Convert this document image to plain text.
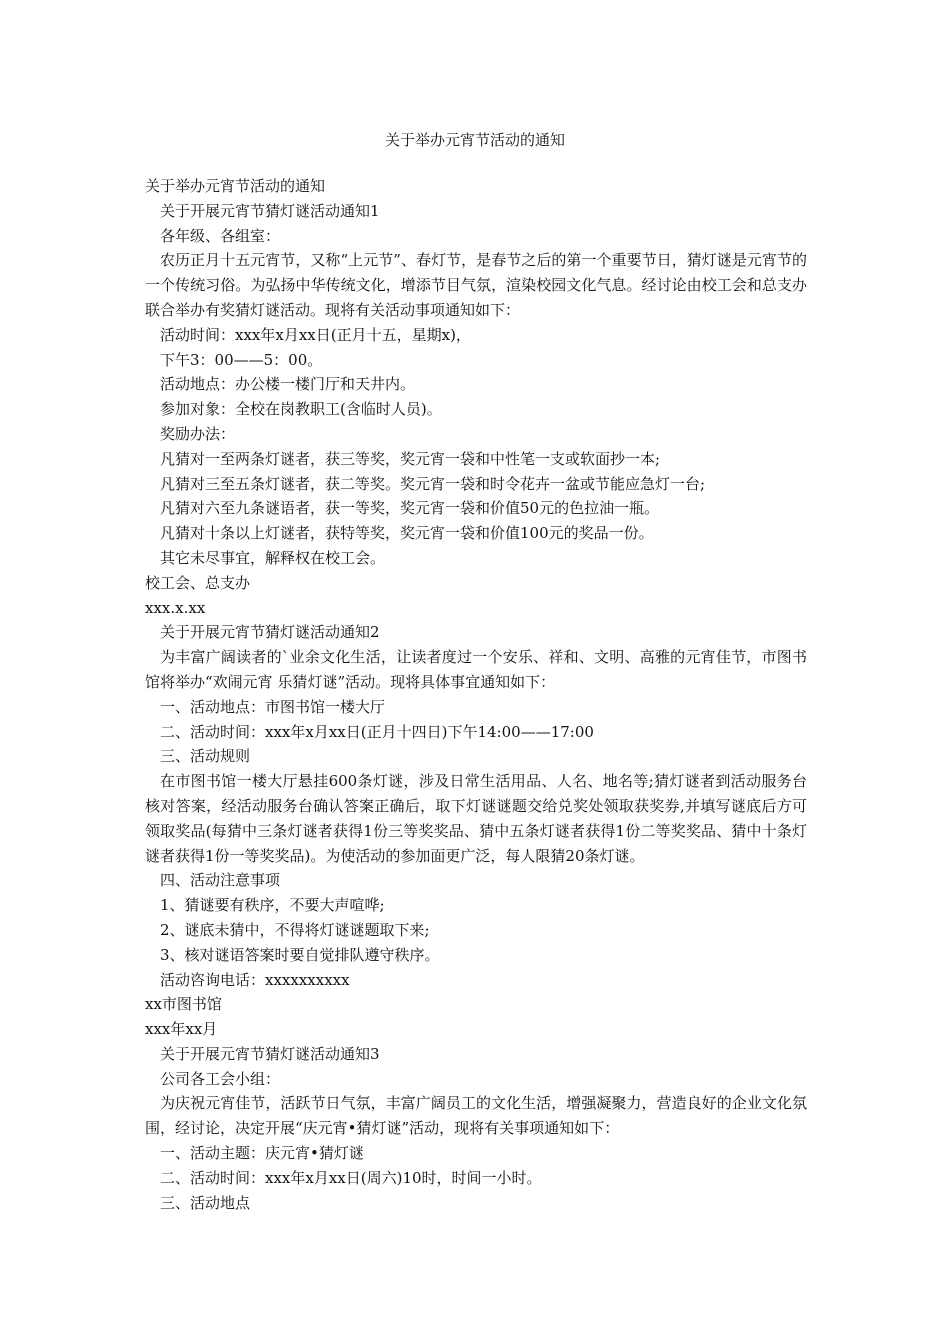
关于举办元宵节活动的通知

关于举办元宵节活动的通知

关于开展元宵节猜灯谜活动通知1

各年级、各组室：

农历正月十五元宵节，又称“上元节”、春灯节，是春节之后的第一个重要节日，猜灯谜是元宵节的一个传统习俗。为弘扬中华传统文化，增添节目气氛，渲染校园文化气息。经讨论由校工会和总支办联合举办有奖猜灯谜活动。现将有关活动事项通知如下：

活动时间：xxx年x月xx日(正月十五，星期x)，

下午3：00——5：00。

活动地点：办公楼一楼门厅和天井内。

参加对象：全校在岗教职工(含临时人员)。

奖励办法：

凡猜对一至两条灯谜者，获三等奖，奖元宵一袋和中性笔一支或软面抄一本;

凡猜对三至五条灯谜者，获二等奖。奖元宵一袋和时令花卉一盆或节能应急灯一台;

凡猜对六至九条谜语者，获一等奖，奖元宵一袋和价值50元的色拉油一瓶。

凡猜对十条以上灯谜者，获特等奖，奖元宵一袋和价值100元的奖品一份。

其它未尽事宜，解释权在校工会。

校工会、总支办

xxx.x.xx

关于开展元宵节猜灯谜活动通知2

为丰富广阔读者的`业余文化生活，让读者度过一个安乐、祥和、文明、高雅的元宵佳节，市图书馆将举办“欢闹元宵 乐猜灯谜”活动。现将具体事宜通知如下：

一、活动地点：市图书馆一楼大厅

二、活动时间：xxx年x月xx日(正月十四日)下午14:00——17:00

三、活动规则

在市图书馆一楼大厅悬挂600条灯谜，涉及日常生活用品、人名、地名等;猜灯谜者到活动服务台核对答案，经活动服务台确认答案正确后，取下灯谜谜题交给兑奖处领取获奖券,并填写谜底后方可领取奖品(每猜中三条灯谜者获得1份三等奖奖品、猜中五条灯谜者获得1份二等奖奖品、猜中十条灯谜者获得1份一等奖奖品)。为使活动的参加面更广泛，每人限猜20条灯谜。

四、活动注意事项

1、猜谜要有秩序，不要大声喧哗;

2、谜底未猜中，不得将灯谜谜题取下来;

3、核对谜语答案时要自觉排队遵守秩序。

活动咨询电话：xxxxxxxxxx

xx市图书馆

xxx年xx月

关于开展元宵节猜灯谜活动通知3

公司各工会小组：

为庆祝元宵佳节，活跃节日气氛，丰富广阔员工的文化生活，增强凝聚力，营造良好的企业文化氛围，经讨论，决定开展“庆元宵•猜灯谜”活动，现将有关事项通知如下：

一、活动主题：庆元宵•猜灯谜

二、活动时间：xxx年x月xx日(周六)10时，时间一小时。

三、活动地点
